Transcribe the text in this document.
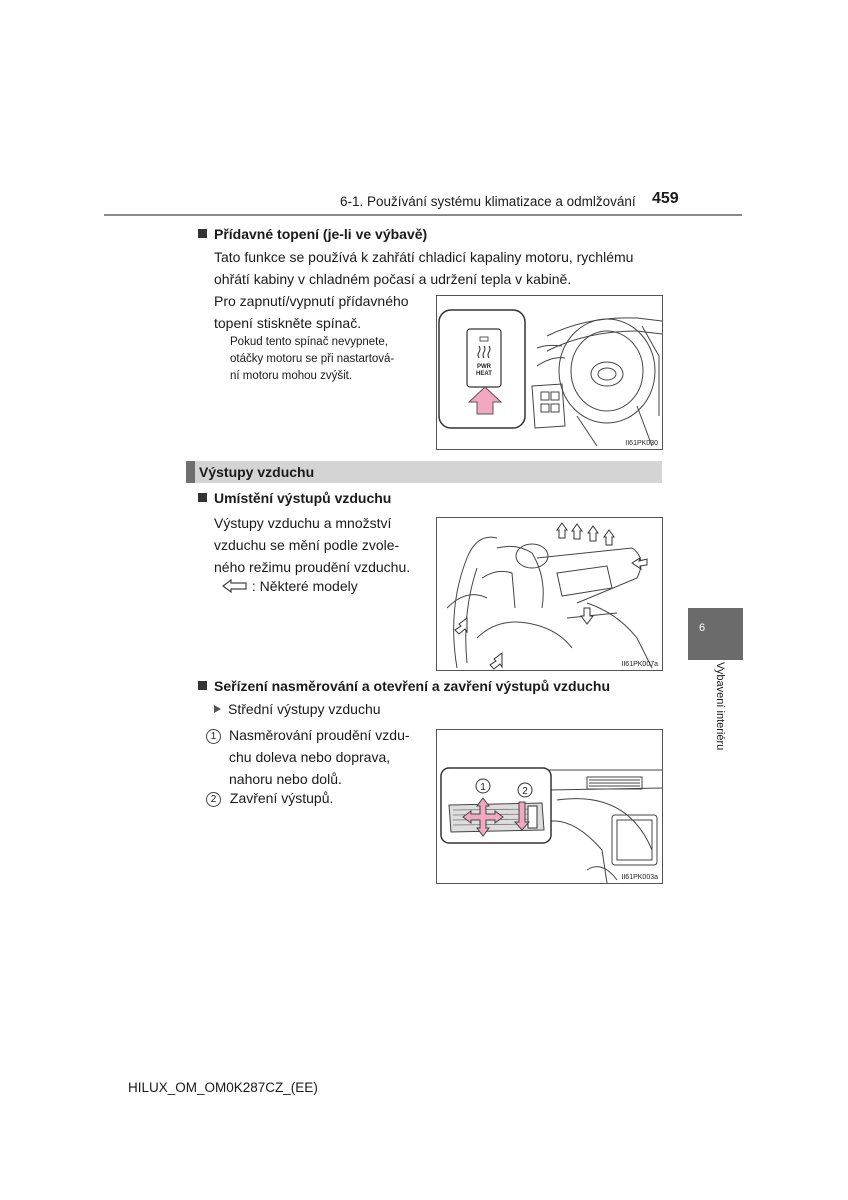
6-1. Používání systému klimatizace a odmlžování 459
Přídavné topení (je-li ve výbavě)
Tato funkce se používá k zahřátí chladicí kapaliny motoru, rychlému
ohřátí kabiny v chladném počasí a udržení tepla v kabině.
Pro zapnutí/vypnutí přídavného
topení stiskněte spínač.
Pokud tento spínač nevypnete,
otáčky motoru se při nastartová-
ní motoru mohou zvýšit.
PWR
HEAT
II61PK030
Výstupy vzduchu
Umístění výstupů vzduchu
Výstupy vzduchu a množství
vzduchu se mění podle zvole-
ného režimu proudění vzduchu.
: Některé modely
II61PK007a
Seřízení nasměrování a otevření a zavření výstupů vzduchu
Střední výstupy vzduchu
1 Nasměrování proudění vzdu-
chu doleva nebo doprava,
nahoru nebo dolů.
2 Zavření výstupů.
1	2
II61PK003a
6
Vybavení interiéru
HILUX_OM_OM0K287CZ_(EE)
